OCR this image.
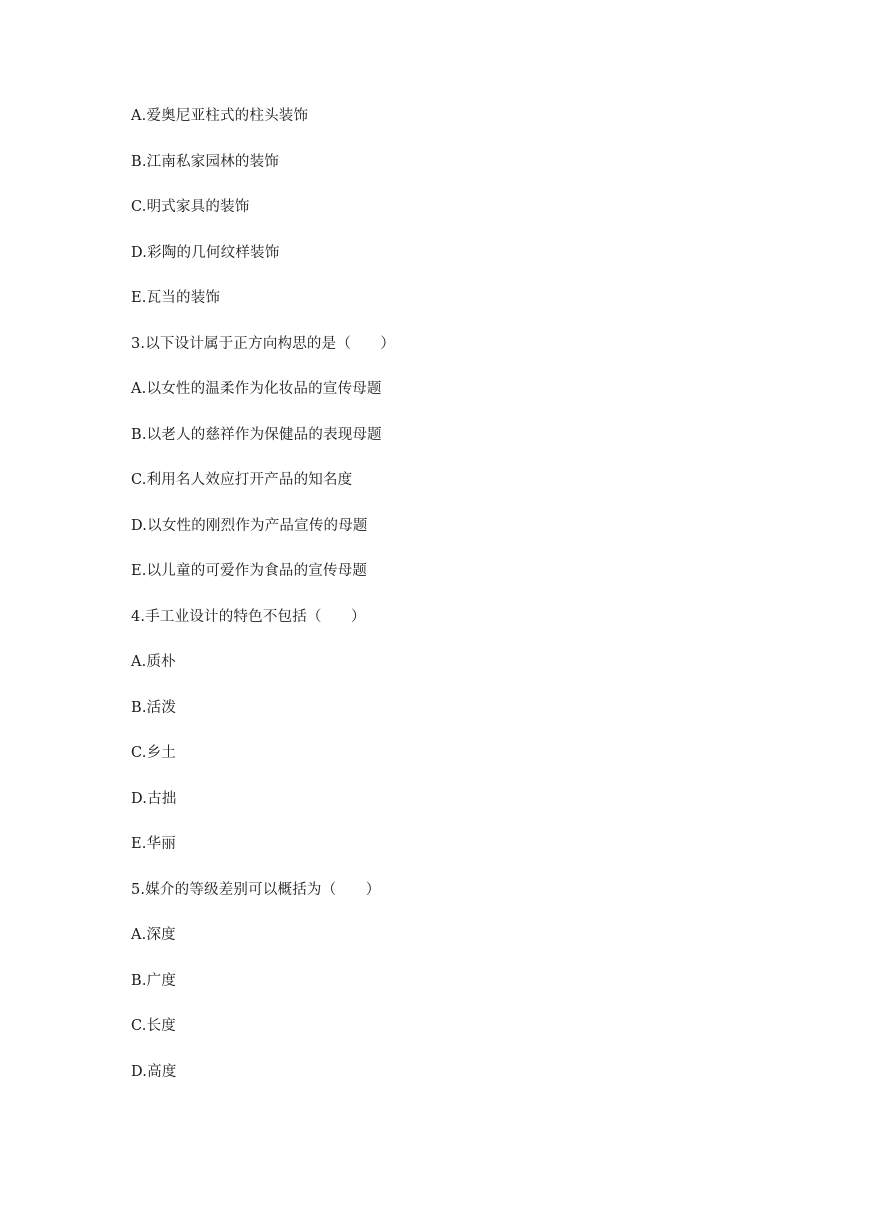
A.爱奥尼亚柱式的柱头装饰
B.江南私家园林的装饰
C.明式家具的装饰
D.彩陶的几何纹样装饰
E.瓦当的装饰
3.以下设计属于正方向构思的是（　　）
A.以女性的温柔作为化妆品的宣传母题
B.以老人的慈祥作为保健品的表现母题
C.利用名人效应打开产品的知名度
D.以女性的刚烈作为产品宣传的母题
E.以儿童的可爱作为食品的宣传母题
4.手工业设计的特色不包括（　　）
A.质朴
B.活泼
C.乡土
D.古拙
E.华丽
5.媒介的等级差别可以概括为（　　）
A.深度
B.广度
C.长度
D.高度
